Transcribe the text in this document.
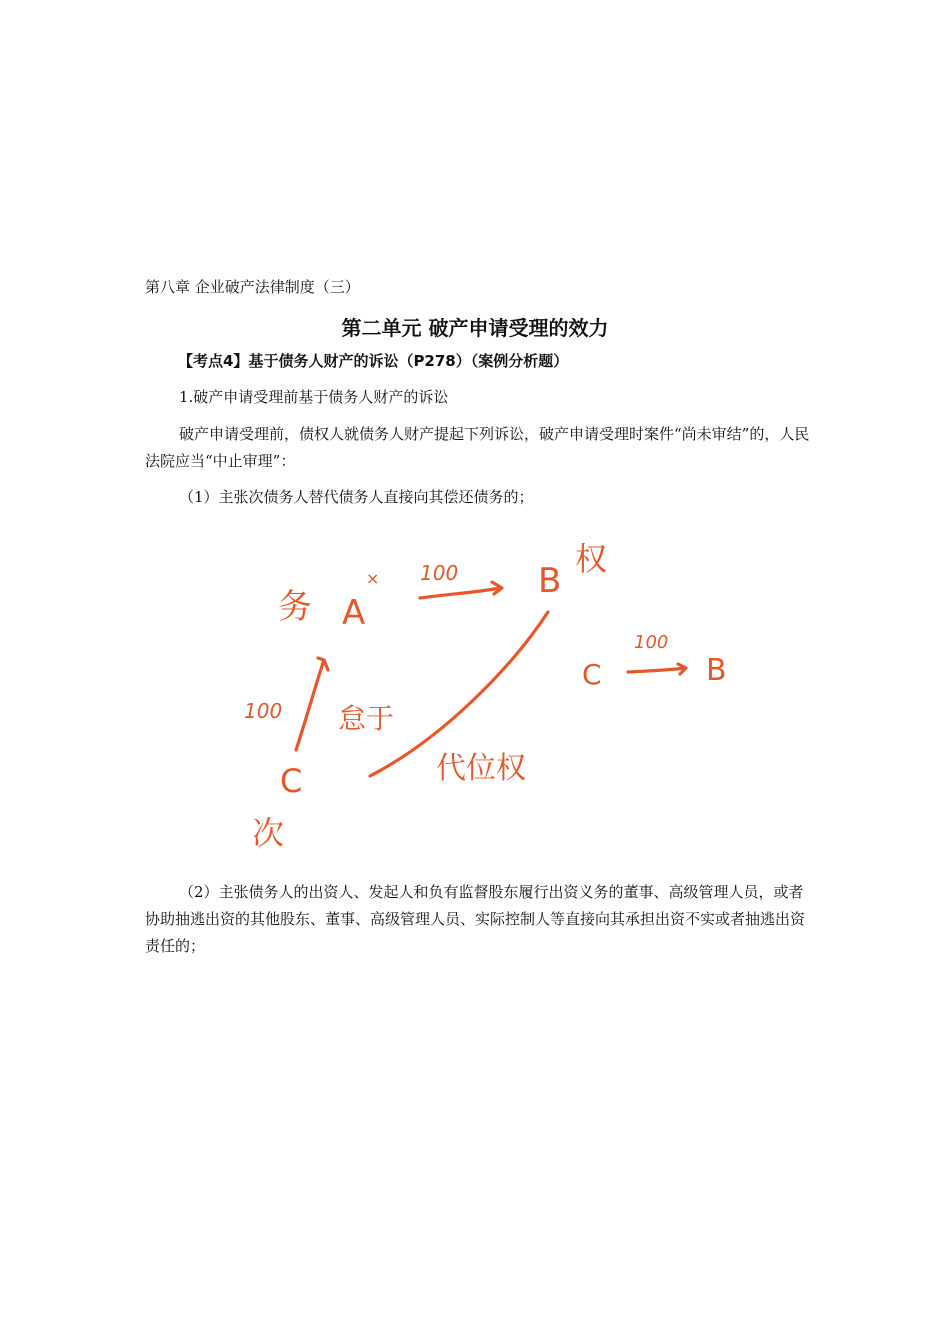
第八章 企业破产法律制度（三）
第二单元 破产申请受理的效力
【考点4】基于债务人财产的诉讼（P278）（案例分析题）
1.破产申请受理前基于债务人财产的诉讼
破产申请受理前，债权人就债务人财产提起下列诉讼，破产申请受理时案件“尚未审结”的，人民法院应当“中止审理”：
（1）主张次债务人替代债务人直接向其偿还债务的；
务 A
× 100 B
权
100 怠于
C
次
代位权
C
100
B
（2）主张债务人的出资人、发起人和负有监督股东履行出资义务的董事、高级管理人员，或者协助抽逃出资的其他股东、董事、高级管理人员、实际控制人等直接向其承担出资不实或者抽逃出资责任的；
